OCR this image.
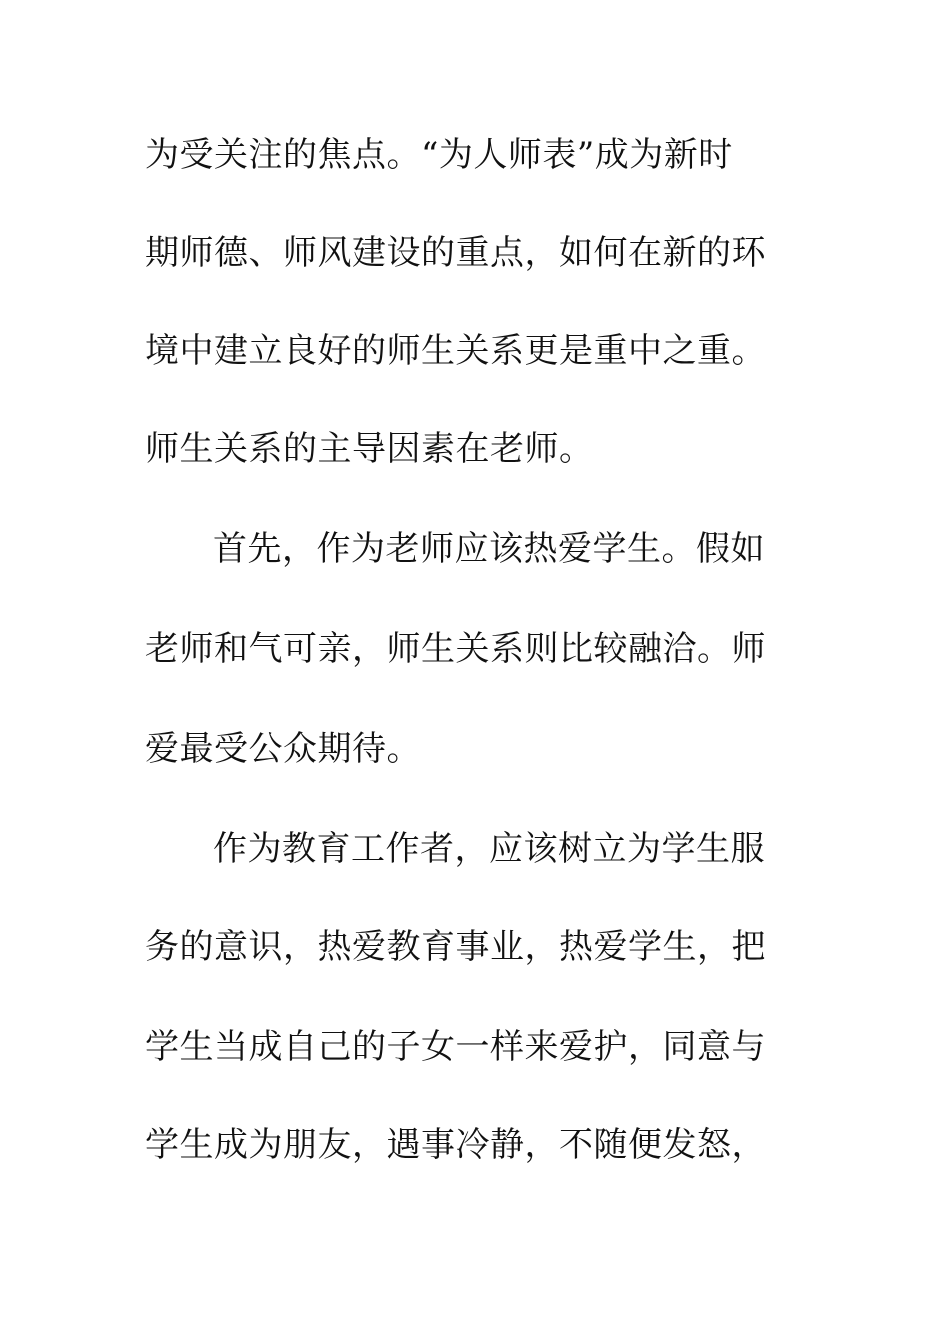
为受关注的焦点。“为人师表”成为新时
期师德、师风建设的重点，如何在新的环
境中建立良好的师生关系更是重中之重。
师生关系的主导因素在老师。
首先，作为老师应该热爱学生。假如
老师和气可亲，师生关系则比较融洽。师
爱最受公众期待。
作为教育工作者，应该树立为学生服
务的意识，热爱教育事业，热爱学生，把
学生当成自己的子女一样来爱护，同意与
学生成为朋友，遇事冷静，不随便发怒，
